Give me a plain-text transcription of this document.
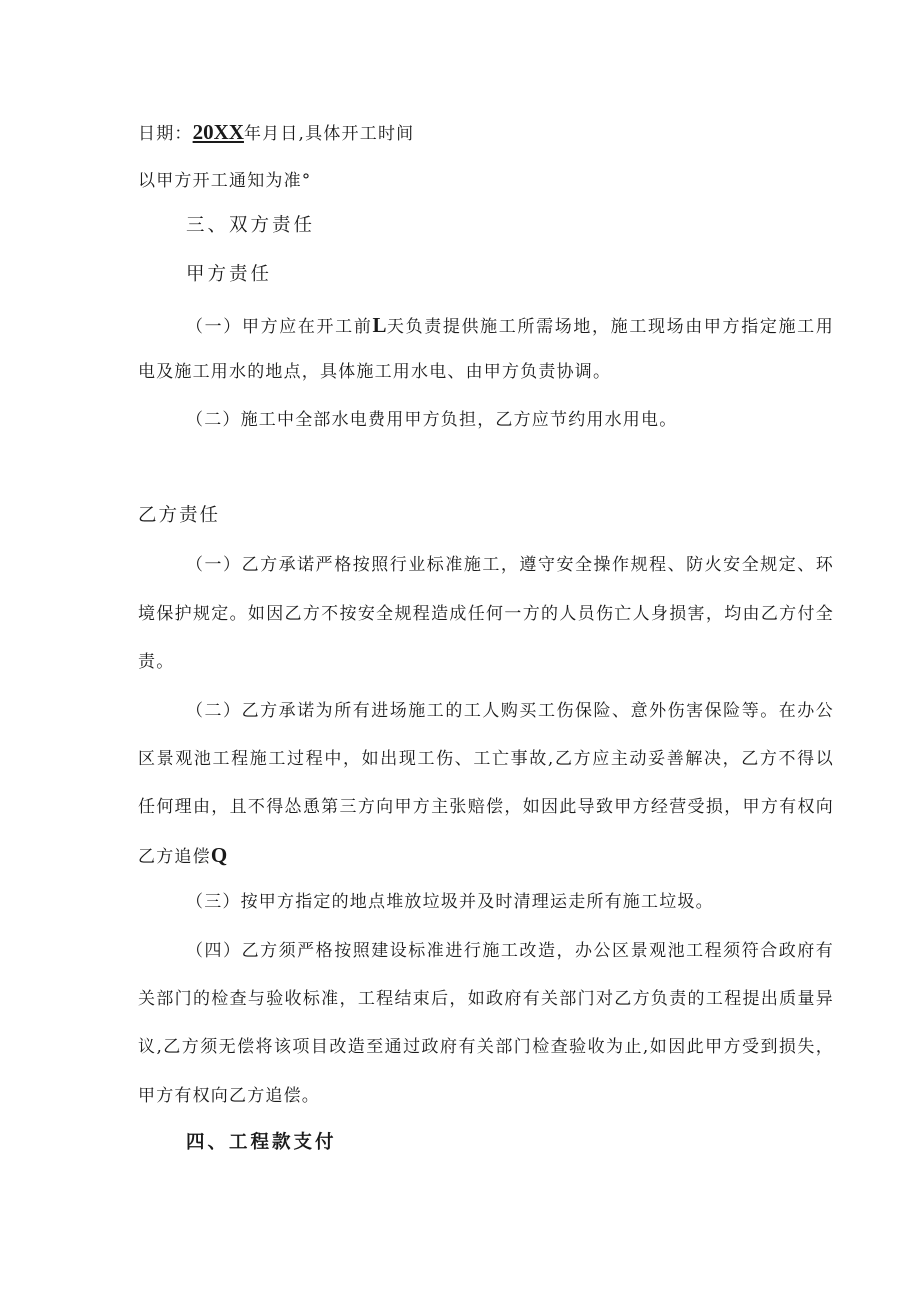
日期：20XX年月日,具体开工时间
以甲方开工通知为准°
三、双方责任
甲方责任
（一）甲方应在开工前L天负责提供施工所需场地，施工现场由甲方指定施工用
电及施工用水的地点，具体施工用水电、由甲方负责协调。
（二）施工中全部水电费用甲方负担，乙方应节约用水用电。
乙方责任
（一）乙方承诺严格按照行业标准施工，遵守安全操作规程、防火安全规定、环
境保护规定。如因乙方不按安全规程造成任何一方的人员伤亡人身损害，均由乙方付全
责。
（二）乙方承诺为所有进场施工的工人购买工伤保险、意外伤害保险等。在办公
区景观池工程施工过程中，如出现工伤、工亡事故,乙方应主动妥善解决，乙方不得以
任何理由，且不得怂恿第三方向甲方主张赔偿，如因此导致甲方经营受损，甲方有权向
乙方追偿Q
（三）按甲方指定的地点堆放垃圾并及时清理运走所有施工垃圾。
（四）乙方须严格按照建设标准进行施工改造，办公区景观池工程须符合政府有
关部门的检查与验收标准，工程结束后，如政府有关部门对乙方负责的工程提出质量异
议,乙方须无偿将该项目改造至通过政府有关部门检查验收为止,如因此甲方受到损失，
甲方有权向乙方追偿。
四、工程款支付
